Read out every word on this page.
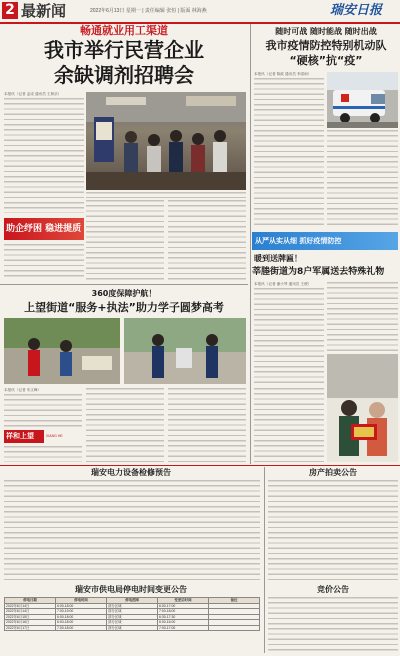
2 最新闻	2022年6月13日 星期一 | 责任编辑 张恒 | 版面 林海燕	瑞安日报
畅通就业用工渠道
我市举行民营企业
余缺调剂招聘会
本报讯（记者 孟成 通讯员 王林乐）
助企纾困 稳进提质
随时可战 随时能战 随时出战
我市疫情防控特别机动队
“硬核”抗“疫”
本报讯（记者 陈政 通讯员 李清雨）
从严从实从细 抓好疫情防控
暖到送牌匾！
莘塍街道为8户军属送去特殊礼物
本报讯（记者 谢小琴 通讯员 王俊）
360度保障护航！
上望街道“服务+执法”助力学子圆梦高考
本报讯（记者 朱文峰）
祥和上望	XIANG HE
瑞安电力设备检修预告
瑞安市供电局停电时间变更公告
停电日期	停电时间	停电范围	变更后时间	备注
2022年6月14日	6:00-18:00	部分区域	6:00-17:00	
2022年6月14日	7:00-19:00	部分区域	7:00-18:00	
2022年6月15日	6:00-18:00	部分区域	6:30-17:30	
2022年6月16日	6:00-18:00	部分区域	6:00-16:00	
2022年6月17日	7:00-18:00	部分区域	7:00-17:00	
房产拍卖公告
竞价公告
